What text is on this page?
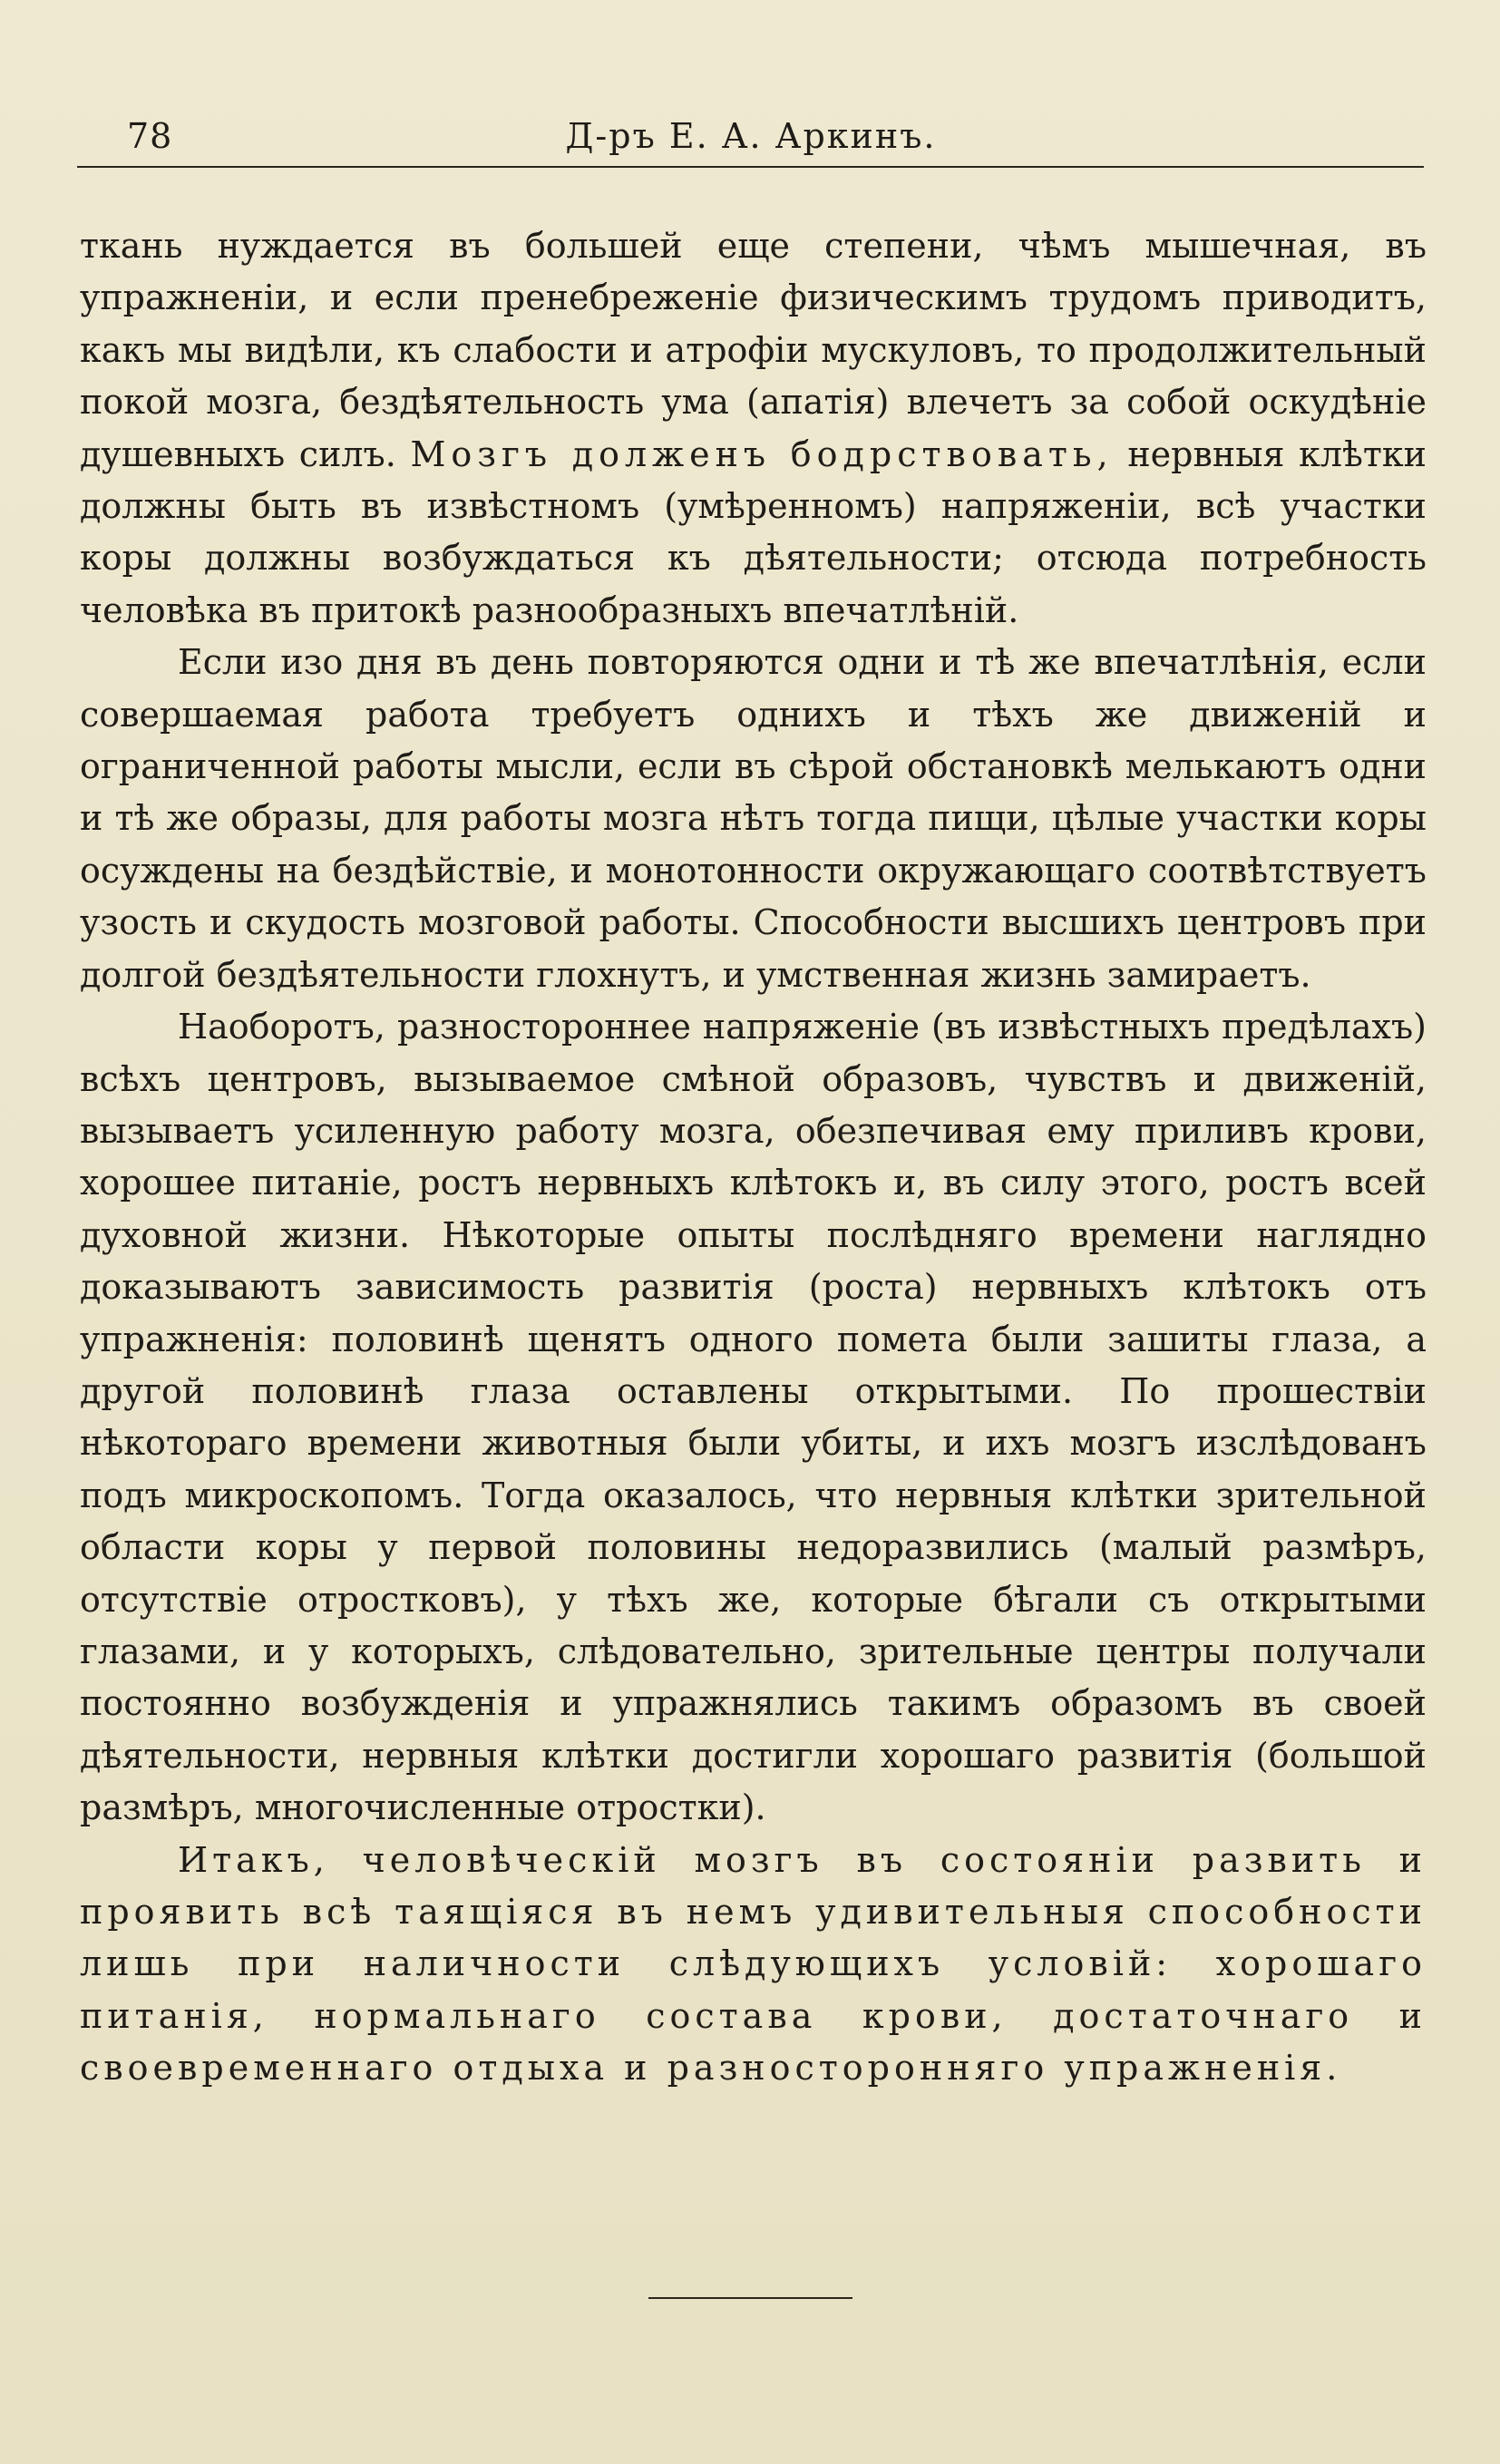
78	Д-ръ Е. А. Аркинъ.

ткань нуждается въ большей еще степени, чѣмъ мышечная, въ упражненіи, и если пренебреженіе физическимъ трудомъ приводитъ, какъ мы видѣли, къ слабости и атрофіи мускуловъ, то продолжительный покой мозга, бездѣятельность ума (апатія) влечетъ за собой оскудѣніе душевныхъ силъ. Мозгъ долженъ бодрствовать, нервныя клѣтки должны быть въ извѣстномъ (умѣренномъ) напряженіи, всѣ участки коры должны возбуждаться къ дѣятельности; отсюда потребность человѣка въ притокѣ разнообразныхъ впечатлѣній.

Если изо дня въ день повторяются одни и тѣ же впечатлѣнія, если совершаемая работа требуетъ однихъ и тѣхъ же движеній и ограниченной работы мысли, если въ сѣрой обстановкѣ мелькаютъ одни и тѣ же образы, для работы мозга нѣтъ тогда пищи, цѣлые участки коры осуждены на бездѣйствіе, и монотонности окружающаго соотвѣтствуетъ узость и скудость мозговой работы. Способности высшихъ центровъ при долгой бездѣятельности глохнутъ, и умственная жизнь замираетъ.

Наоборотъ, разностороннее напряженіе (въ извѣстныхъ предѣлахъ) всѣхъ центровъ, вызываемое смѣной образовъ, чувствъ и движеній, вызываетъ усиленную работу мозга, обезпечивая ему приливъ крови, хорошее питаніе, ростъ нервныхъ клѣтокъ и, въ силу этого, ростъ всей духовной жизни. Нѣкоторые опыты послѣдняго времени наглядно доказываютъ зависимость развитія (роста) нервныхъ клѣтокъ отъ упражненія: половинѣ щенятъ одного помета были зашиты глаза, а другой половинѣ глаза оставлены открытыми. По прошествіи нѣкотораго времени животныя были убиты, и ихъ мозгъ изслѣдованъ подъ микроскопомъ. Тогда оказалось, что нервныя клѣтки зрительной области коры у первой половины недоразвились (малый размѣръ, отсутствіе отростковъ), у тѣхъ же, которые бѣгали съ открытыми глазами, и у которыхъ, слѣдовательно, зрительные центры получали постоянно возбужденія и упражнялись такимъ образомъ въ своей дѣятельности, нервныя клѣтки достигли хорошаго развитія (большой размѣръ, многочисленные отростки).

Итакъ, человѣческій мозгъ въ состояніи развить и проявить всѣ таящіяся въ немъ удивительныя способности лишь при наличности слѣдующихъ условій: хорошаго питанія, нормальнаго состава крови, достаточнаго и своевременнаго отдыха и разносторонняго упражненія.
